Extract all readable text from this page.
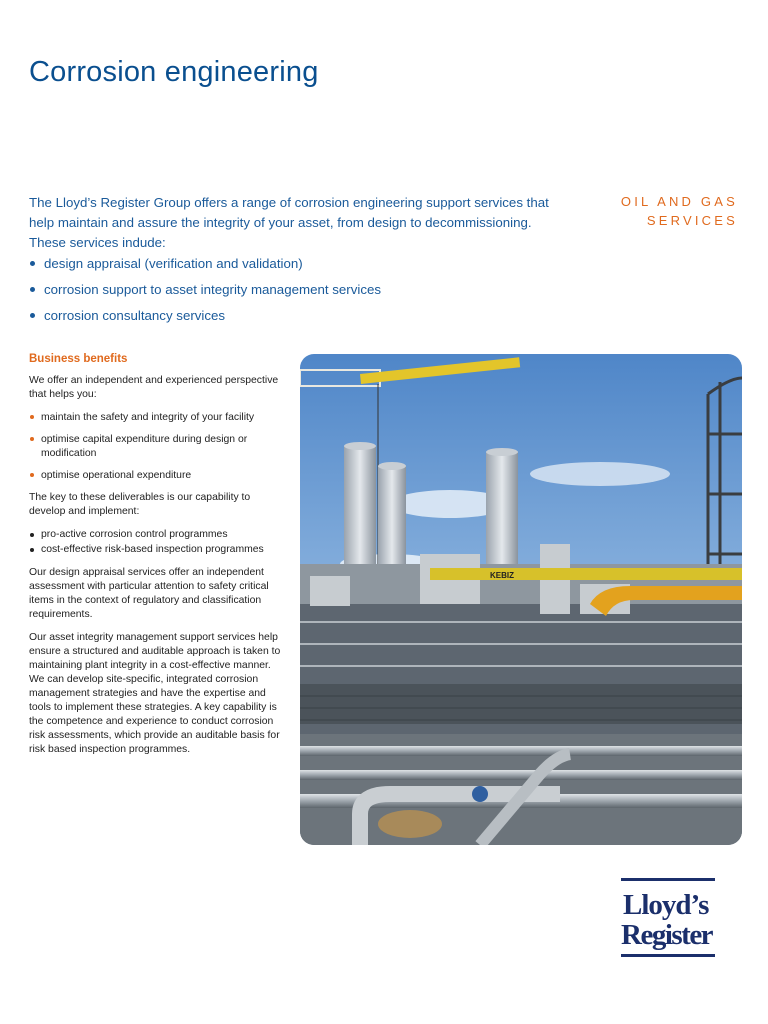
Corrosion engineering

The Lloyd’s Register Group offers a range of corrosion engineering support services that help maintain and assure the integrity of your asset, from design to decommissioning. These services indude:

design appraisal (verification and validation)
corrosion support to asset integrity management services
corrosion consultancy services
OIL AND GAS
SERVICES
Business benefits

We offer an independent and experienced perspective that helps you:

maintain the safety and integrity of your facility
optimise capital expenditure during design or modification
optimise operational expenditure

The key to these deliverables is our capability to develop and implement:

pro-active corrosion control programmes
cost-effective risk-based inspection programmes

Our design appraisal services offer an independent assessment with particular attention to safety critical items in the context of regulatory and classification requirements.

Our asset integrity management support services help ensure a structured and auditable approach is taken to maintaining plant integrity in a cost-effective manner. We can develop site-specific, integrated corrosion management strategies and have the expertise and tools to implement these strategies. A key capability is the competence and experience to conduct corrosion risk assessments, which provide an auditable basis for risk based inspection programmes.

KEBIZ
Lloyd’s
Register
